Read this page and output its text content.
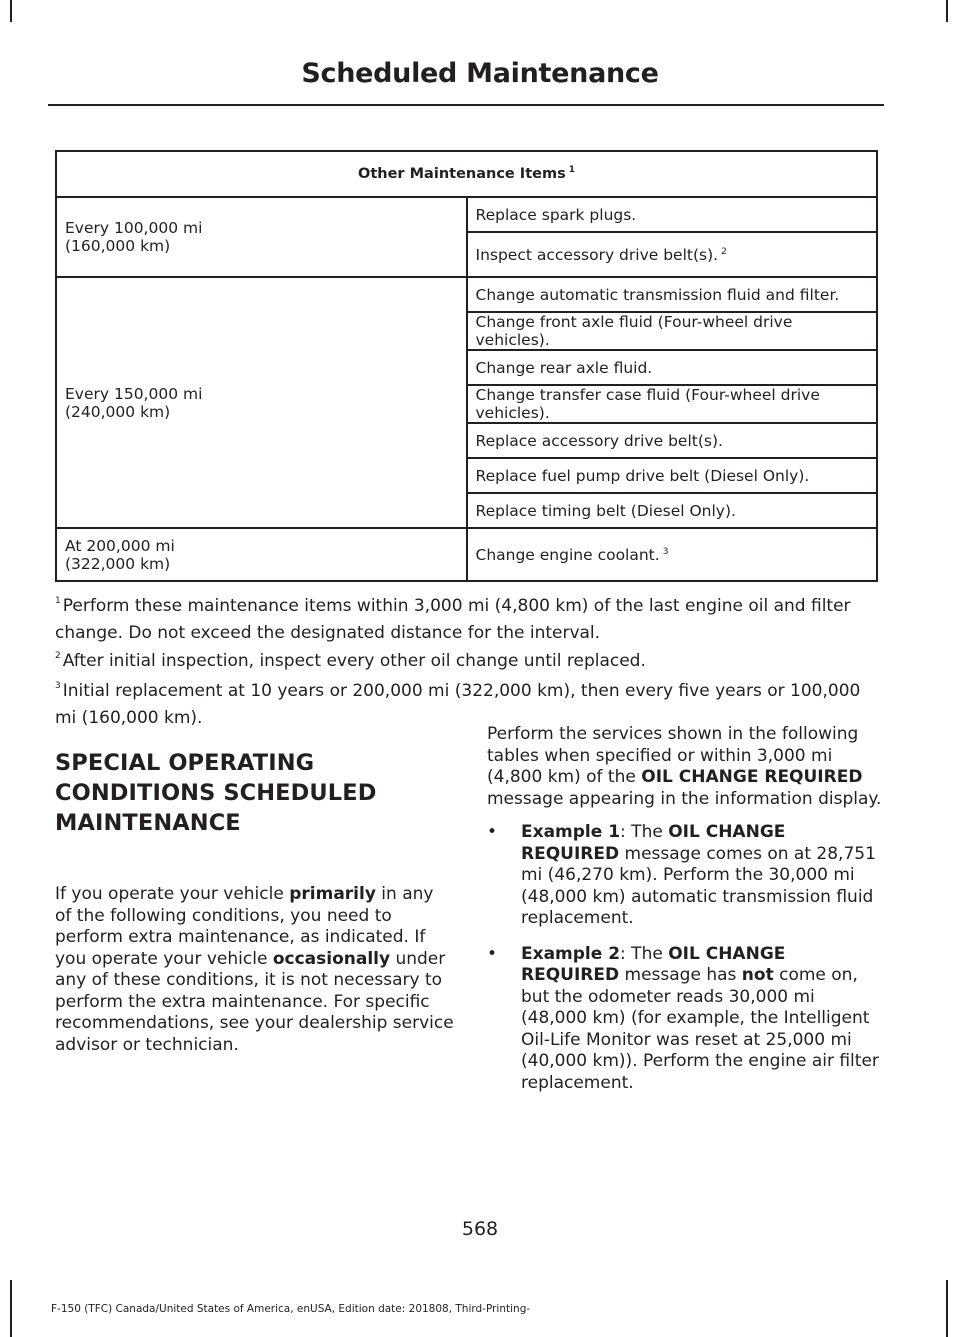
Scheduled Maintenance
Other Maintenance Items $^1$

Every 100,000 mi
(160,000 km)	Replace spark plugs.
	Inspect accessory drive belt(s). $^2$

Every 150,000 mi
(240,000 km)	Change automatic transmission fluid and filter.
	Change front axle fluid (Four-wheel drive vehicles).
	Change rear axle fluid.
	Change transfer case fluid (Four-wheel drive vehicles).
	Replace accessory drive belt(s).
	Replace fuel pump drive belt (Diesel Only).
	Replace timing belt (Diesel Only).

At 200,000 mi
(322,000 km)	Change engine coolant. $^3$

$^1$ Perform these maintenance items within 3,000 mi (4,800 km) of the last engine oil and filter change. Do not exceed the designated distance for the interval.

$^2$ After initial inspection, inspect every other oil change until replaced.

$^3$ Initial replacement at 10 years or 200,000 mi (322,000 km), then every five years or 100,000 mi (160,000 km).

SPECIAL OPERATING
CONDITIONS SCHEDULED
MAINTENANCE

If you operate your vehicle primarily in any of the following conditions, you need to perform extra maintenance, as indicated. If you operate your vehicle occasionally under any of these conditions, it is not necessary to perform the extra maintenance. For specific recommendations, see your dealership service advisor or technician.

Perform the services shown in the following tables when specified or within 3,000 mi (4,800 km) of the OIL CHANGE REQUIRED message appearing in the information display.

• Example 1: The OIL CHANGE REQUIRED message comes on at 28,751 mi (46,270 km). Perform the 30,000 mi (48,000 km) automatic transmission fluid replacement.
• Example 2: The OIL CHANGE REQUIRED message has not come on, but the odometer reads 30,000 mi (48,000 km) (for example, the Intelligent Oil-Life Monitor was reset at 25,000 mi (40,000 km)). Perform the engine air filter replacement.
568
F-150 (TFC) Canada/United States of America, enUSA, Edition date: 201808, Third-Printing-
